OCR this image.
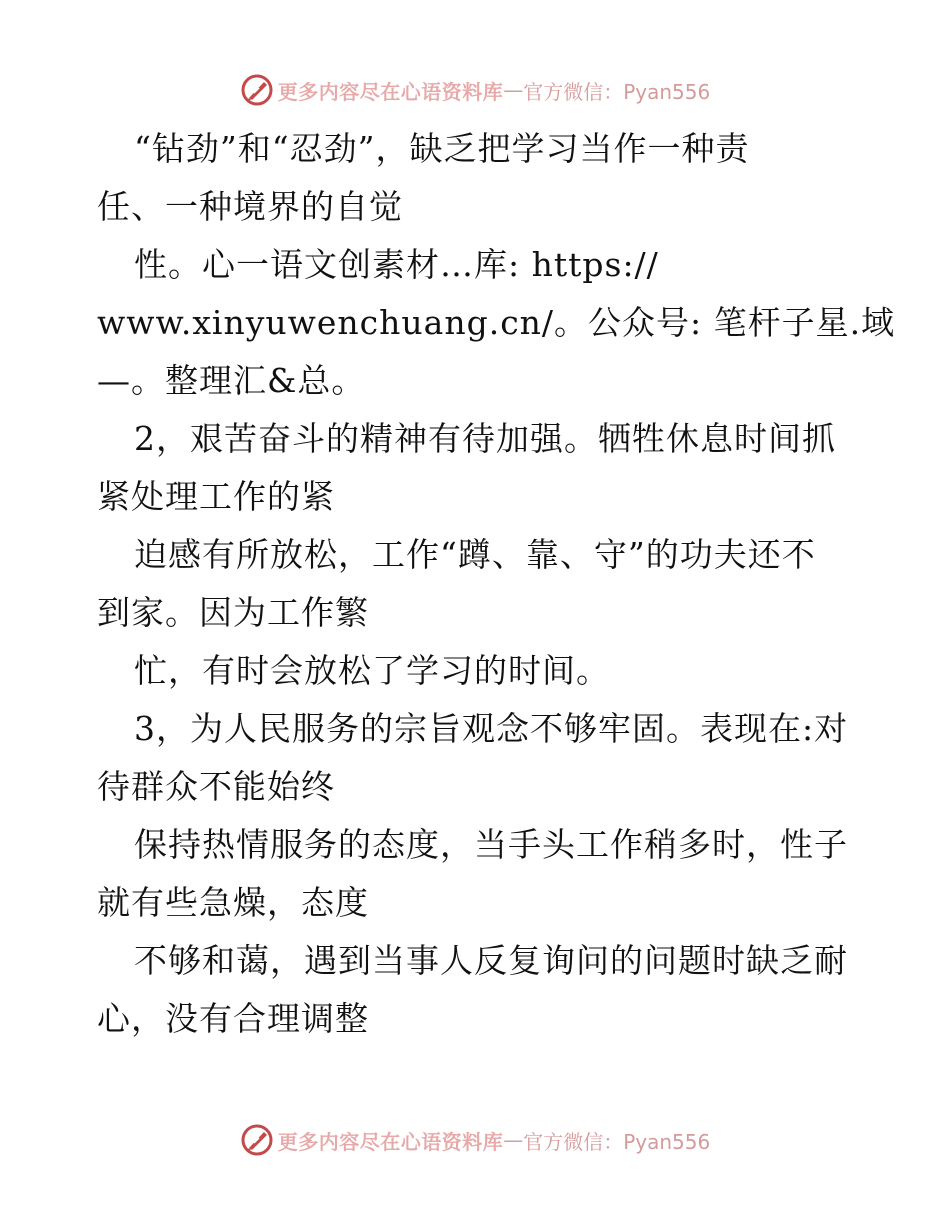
更多内容尽在心语资料库 — 官方微信：Pyan556
“钻劲”和“忍劲”，缺乏把学习当作一种责
任、一种境界的自觉
性。心一语文创素材…库: https://
www.xinyuwenchuang.cn/。公众号: 笔杆子星.域
—。整理汇&总。
2，艰苦奋斗的精神有待加强。牺牲休息时间抓
紧处理工作的紧
迫感有所放松，工作“蹲、靠、守”的功夫还不
到家。因为工作繁
忙，有时会放松了学习的时间。
3，为人民服务的宗旨观念不够牢固。表现在:对
待群众不能始终
保持热情服务的态度，当手头工作稍多时，性子
就有些急燥，态度
不够和蔼，遇到当事人反复询问的问题时缺乏耐
心，没有合理调整
更多内容尽在心语资料库 — 官方微信：Pyan556
